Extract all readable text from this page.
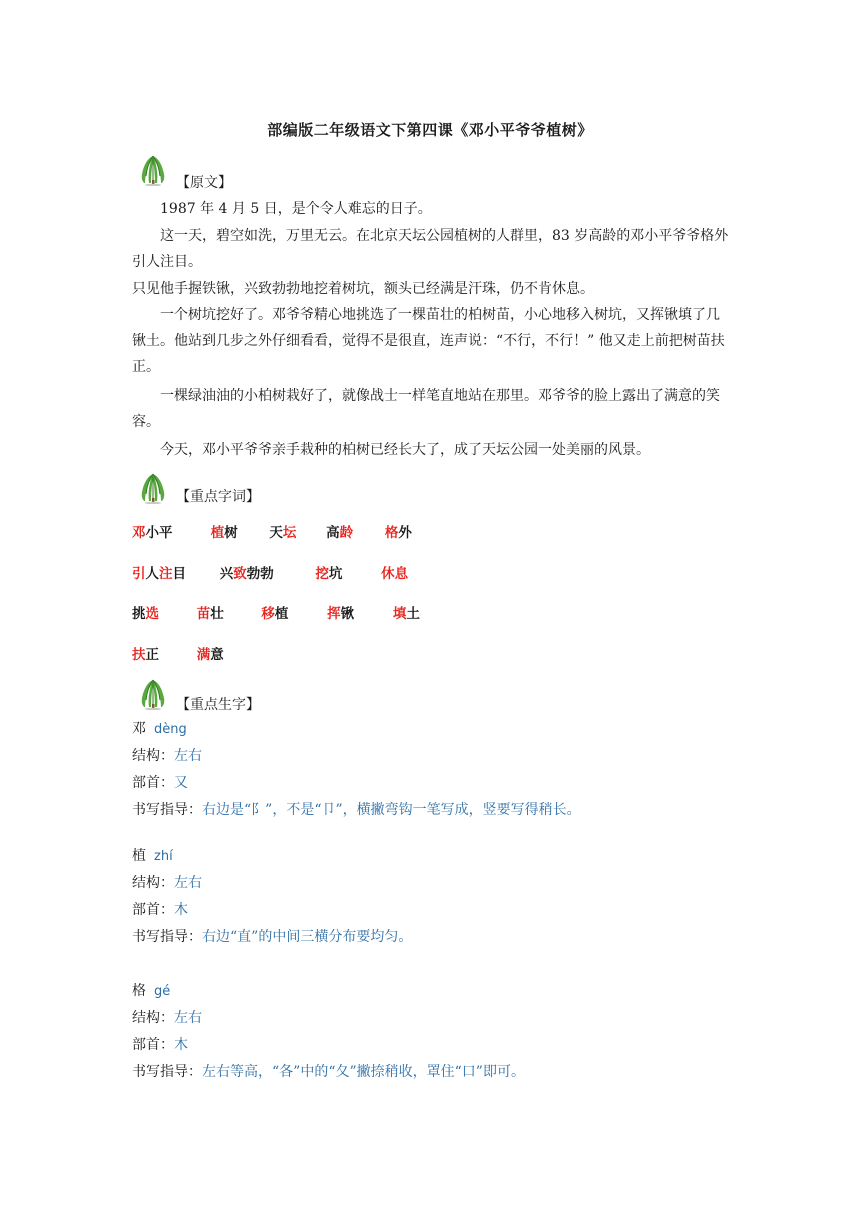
部编版二年级语文下第四课《邓小平爷爷植树》
【原文】
1987 年 4 月 5 日，是个令人难忘的日子。
这一天，碧空如洗，万里无云。在北京天坛公园植树的人群里，83 岁高龄的邓小平爷爷格外引人注目。
只见他手握铁锹，兴致勃勃地挖着树坑，额头已经满是汗珠，仍不肯休息。
一个树坑挖好了。邓爷爷精心地挑选了一棵苗壮的柏树苗，小心地移入树坑，又挥锹填了几锹土。他站到几步之外仔细看看，觉得不是很直，连声说：“不行，不行！” 他又走上前把树苗扶正。
一棵绿油油的小柏树栽好了，就像战士一样笔直地站在那里。邓爷爷的脸上露出了满意的笑容。
今天，邓小平爷爷亲手栽种的柏树已经长大了，成了天坛公园一处美丽的风景。
【重点字词】
邓小平	植树 天坛 高龄 格外
引人注目 兴致勃勃	挖坑	休息
挑选	苗壮	移植	挥锹	填土
扶正	满意
【重点生字】
邓 dèng
结构：左右
部首：又
书写指导：右边是“阝”，不是“卩”，横撇弯钩一笔写成，竖要写得稍长。
植 zhí
结构：左右
部首：木
书写指导：右边“直”的中间三横分布要均匀。
格 gé
结构：左右
部首：木
书写指导：左右等高，“各”中的“夂”撇捺稍收，罩住“口”即可。
